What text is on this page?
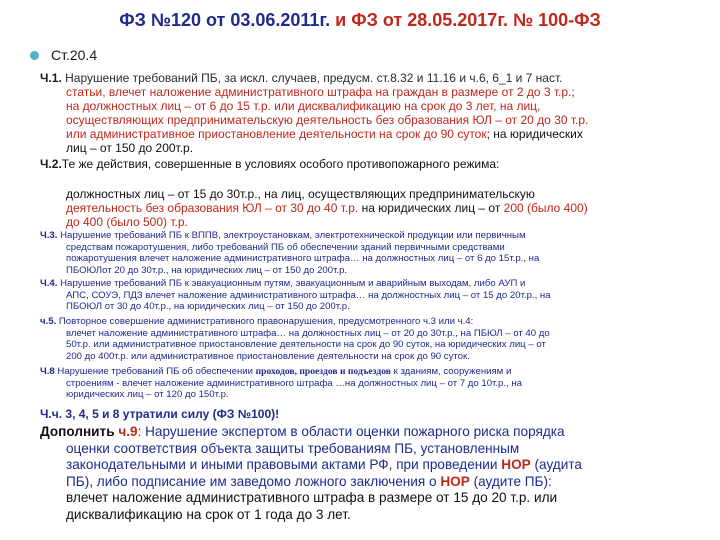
ФЗ №120 от 03.06.2011г. и ФЗ от 28.05.2017г. № 100-ФЗ
Ст.20.4
Ч.1. Нарушение требований ПБ, за искл. случаев, предусм. ст.8.32 и 11.16 и ч.6, 6_1 и 7 наст.
статьи, влечет наложение административного штрафа на граждан в размере от 2 до 3 т.р.;
на должностных лиц – от 6 до 15 т.р. или дисквалификацию на срок до 3 лет, на лиц,
осуществляющих предпринимательскую деятельность без образования ЮЛ – от 20 до 30 т.р.
или административное приостановление деятельности на срок до 90 суток; на юридических
лиц – от 150 до 200т.р.
Ч.2.Те же действия, совершенные в условиях особого противопожарного режима:
должностных лиц – от 15 до 30т.р., на лиц, осуществляющих предпринимательскую
деятельность без образования ЮЛ – от 30 до 40 т.р. на юридических лиц – от 200 (было 400)
до 400 (было 500) т.р.
Ч.3. Нарушение требований ПБ к ВППВ, электроустановкам, электротехнической продукции или первичным
средствам пожаротушения, либо требований ПБ об обеспечении зданий первичными средствами
пожаротушения влечет наложение административного штрафа… на должностных лиц – от 6 до 15т.р., на
ПБОЮЛот 20 до 30т.р., на юридических лиц – от 150 до 200т.р.
Ч.4. Нарушение требований ПБ к эвакуационным путям, эвакуационным и аварийным выходам, либо АУП и
АПС, СОУЭ, ПДЗ влечет наложение административного штрафа… на должностных лиц – от 15 до 20т.р., на
ПБОЮЛ от 30 до 40т.р., на юридических лиц – от 150 до 200т.р.
ч.5. Повторное совершение административного правонарушения, предусмотренного ч.3 или ч.4:
влечет наложение административного штрафа… на должностных лиц – от 20 до 30т.р., на ПБЮЛ – от 40 до
50т.р. или административное приостановление деятельности на срок до 90 суток, на юридических лиц – от
200 до 400т.р. или административное приостановление деятельности на срок до 90 суток.
Ч.8 Нарушение требований ПБ об обеспечении проходов, проездов и подъездов к зданиям, сооружениям и
строениям - влечет наложение административного штрафа …на должностных лиц – от 7 до 10т.р., на
юридических лиц – от 120 до 150т.р.
Ч.ч. 3, 4, 5 и 8 утратили силу (ФЗ №100)!
Дополнить ч.9: Нарушение экспертом в области оценки пожарного риска порядка
оценки соответствия объекта защиты требованиям ПБ, установленным
законодательными и иными правовыми актами РФ, при проведении НОР (аудита
ПБ), либо подписание им заведомо ложного заключения о НОР (аудите ПБ):
влечет наложение административного штрафа в размере от 15 до 20 т.р. или
дисквалификацию на срок от 1 года до 3 лет.
